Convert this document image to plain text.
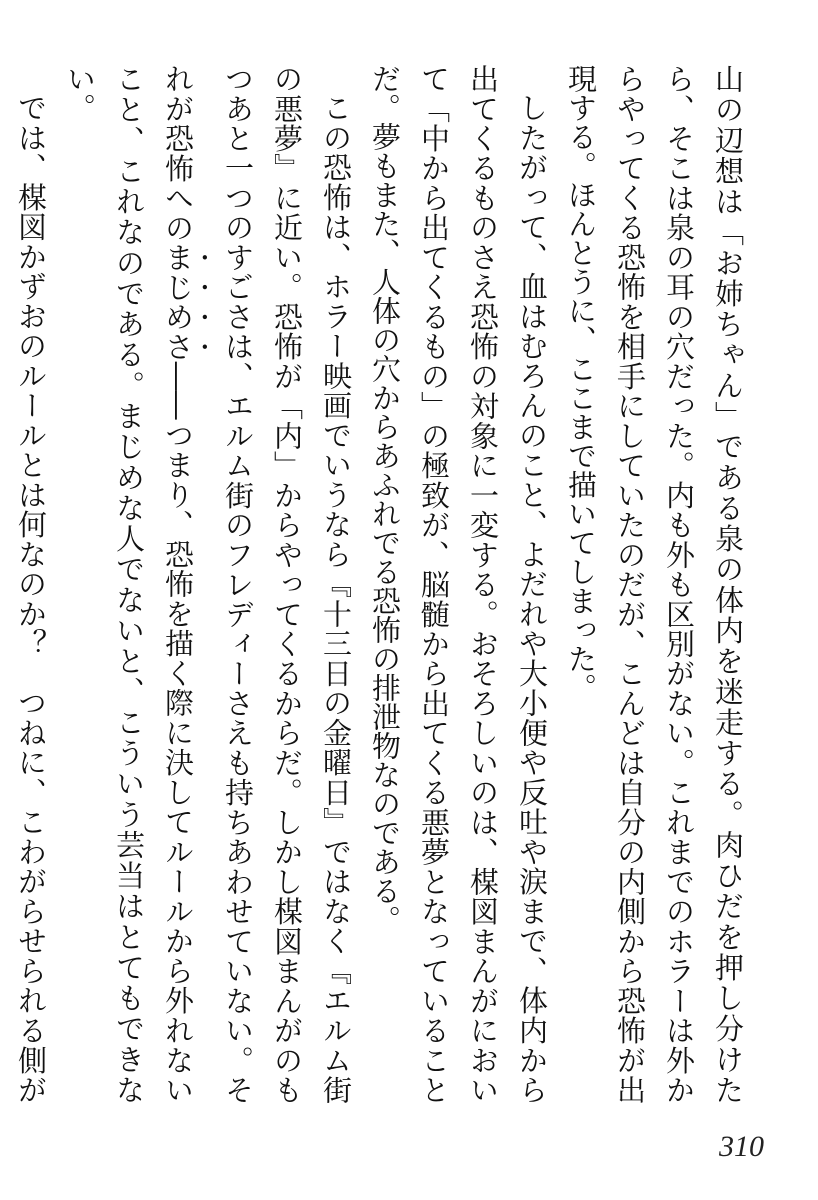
山の辺想は「お姉ちゃん」である泉の体内を迷走する。肉ひだを押し分けたら、そこは泉の耳の穴だった。内も外も区別がない。これまでのホラーは外からやってくる恐怖を相手にしていたのだが、こんどは自分の内側から恐怖が出現する。ほんとうに、ここまで描いてしまった。

したがって、血はむろんのこと、よだれや大小便や反吐や涙まで、体内から出てくるものさえ恐怖の対象に一変する。おそろしいのは、楳図まんがにおいて「中から出てくるもの」の極致が、脳髄から出てくる悪夢となっていることだ。夢もまた、人体の穴からあふれでる恐怖の排泄物なのである。

この恐怖は、ホラー映画でいうなら『十三日の金曜日』ではなく『エルム街の悪夢』に近い。恐怖が「内」からやってくるからだ。しかし楳図まんがのもつあと一つのすごさは、エルム街のフレディーさえも持ちあわせていない。それが恐怖へのまじめさ――つまり、恐怖を描く際に決してルールから外れないこと、これなのである。まじめな人でないと、こういう芸当はとてもできない。

では、楳図かずおのルールとは何なのか？　つねに、こわがらせられる側が

310
